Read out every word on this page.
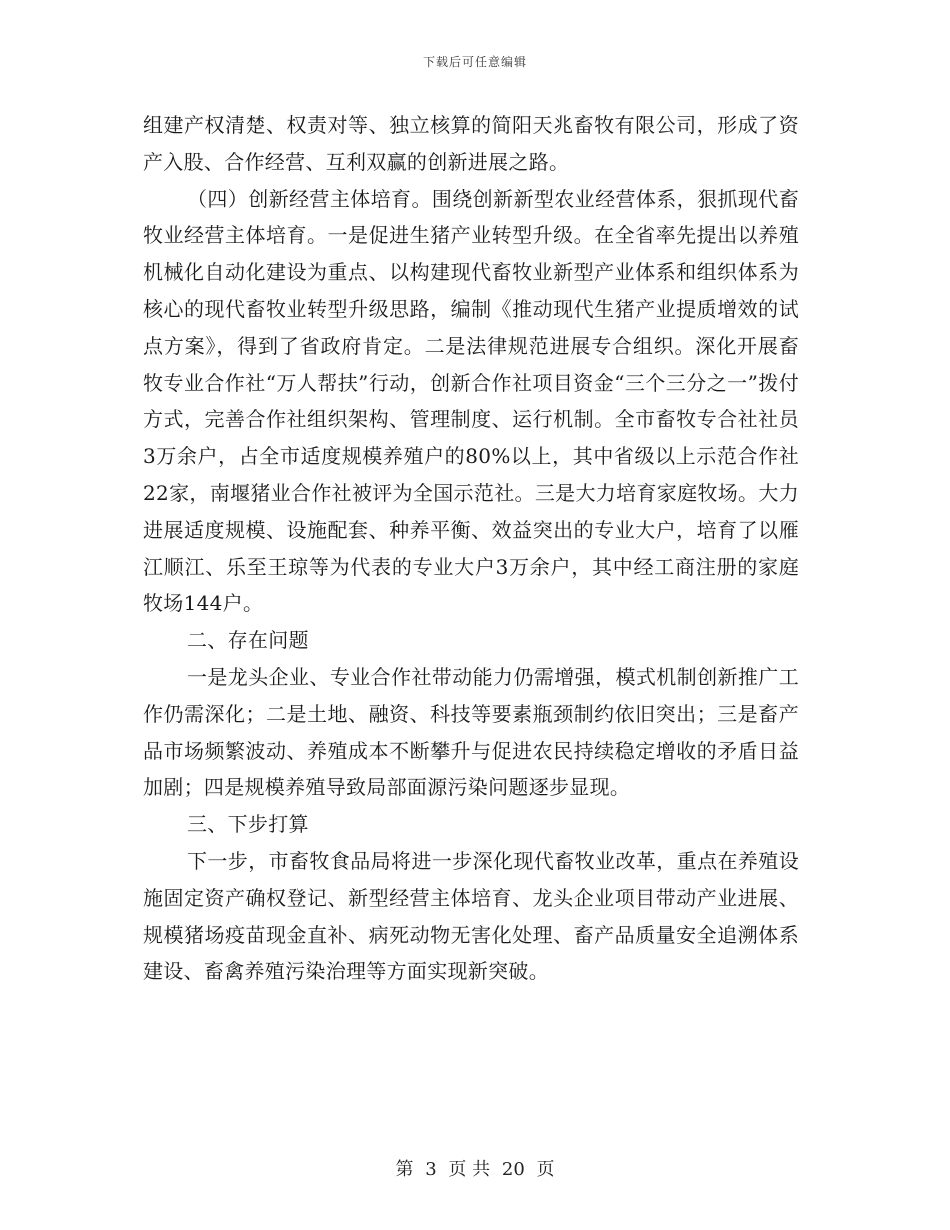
下载后可任意编辑

组建产权清楚、权责对等、独立核算的简阳天兆畜牧有限公司，形成了资产入股、合作经营、互利双赢的创新进展之路。

（四）创新经营主体培育。围绕创新新型农业经营体系，狠抓现代畜牧业经营主体培育。一是促进生猪产业转型升级。在全省率先提出以养殖机械化自动化建设为重点、以构建现代畜牧业新型产业体系和组织体系为核心的现代畜牧业转型升级思路，编制《推动现代生猪产业提质增效的试点方案》，得到了省政府肯定。二是法律规范进展专合组织。深化开展畜牧专业合作社“万人帮扶”行动，创新合作社项目资金“三个三分之一”拨付方式，完善合作社组织架构、管理制度、运行机制。全市畜牧专合社社员3万余户，占全市适度规模养殖户的80%以上，其中省级以上示范合作社22家，南堰猪业合作社被评为全国示范社。三是大力培育家庭牧场。大力进展适度规模、设施配套、种养平衡、效益突出的专业大户，培育了以雁江顺江、乐至王琼等为代表的专业大户3万余户，其中经工商注册的家庭牧场144户。

二、存在问题

一是龙头企业、专业合作社带动能力仍需增强，模式机制创新推广工作仍需深化；二是土地、融资、科技等要素瓶颈制约依旧突出；三是畜产品市场频繁波动、养殖成本不断攀升与促进农民持续稳定增收的矛盾日益加剧；四是规模养殖导致局部面源污染问题逐步显现。

三、下步打算

下一步，市畜牧食品局将进一步深化现代畜牧业改革，重点在养殖设施固定资产确权登记、新型经营主体培育、龙头企业项目带动产业进展、规模猪场疫苗现金直补、病死动物无害化处理、畜产品质量安全追溯体系建设、畜禽养殖污染治理等方面实现新突破。

第 3 页 共 20 页
